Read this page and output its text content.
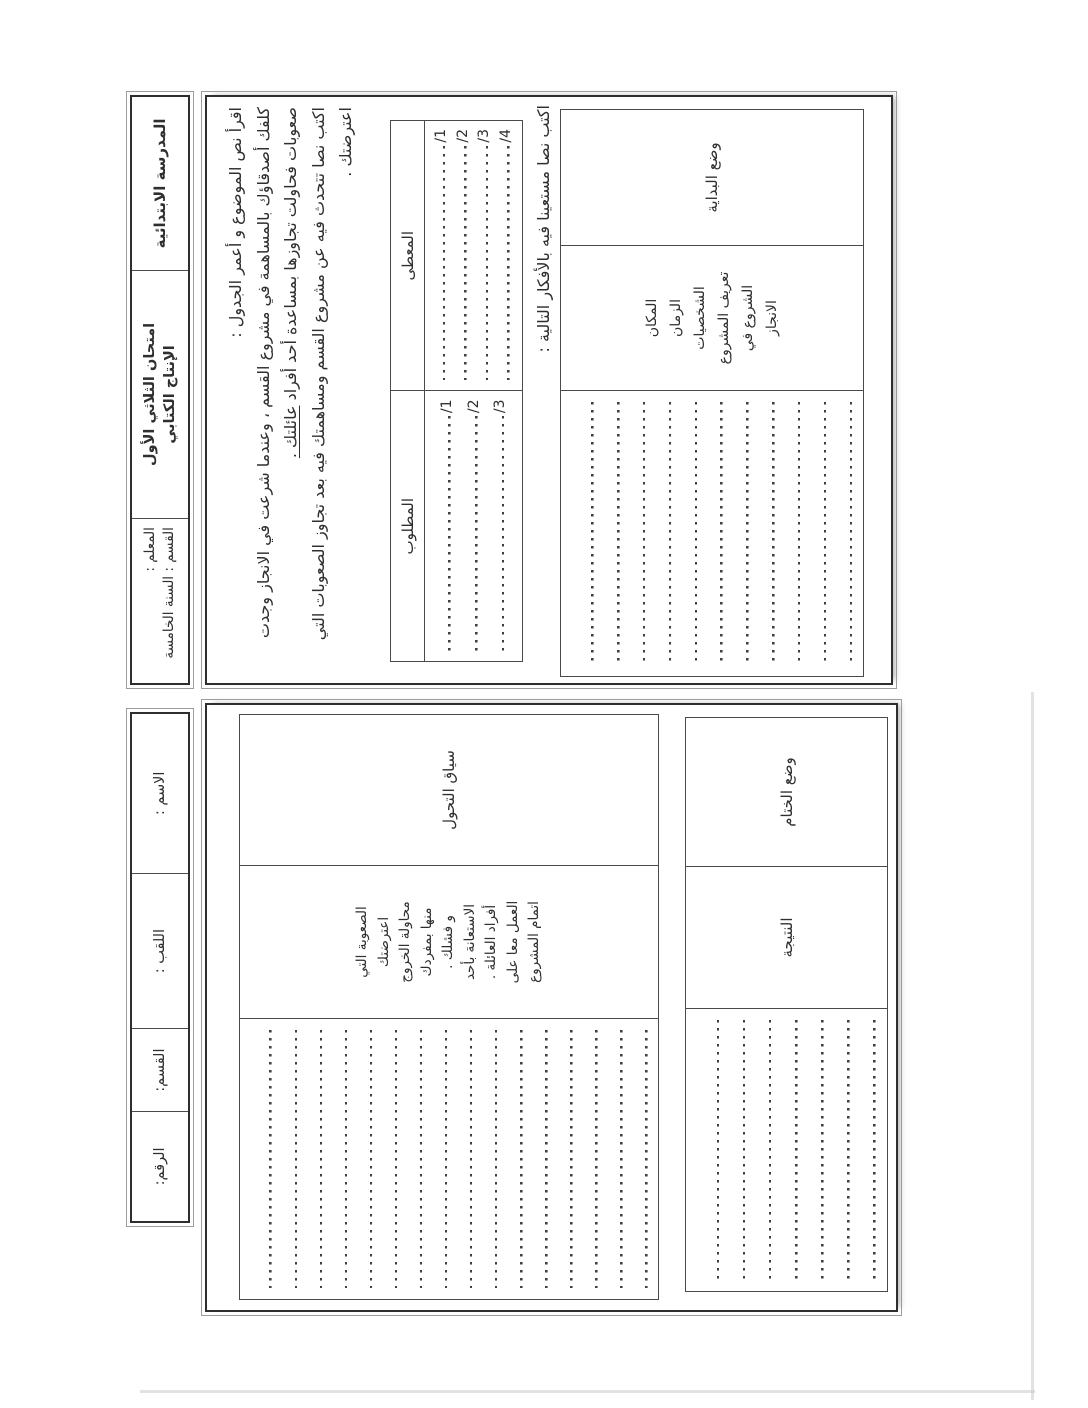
المدرسة الابتدائية
امتحان الثلاثي الأول الإنتاج الكتابي
المعلم : القسم : السنة الخامسة
اقرأ نص الموضوع و أعمر الجدول : كلفك أصدقاؤك بالمساهمة في مشروع القسم ، وعندما شرعت في الانجاز وجدت صعوبات فحاولت تجاوزها بمساعدة أحد أفراد عائلتك . اكتب نصا تتحدث فيه عن مشروع القسم ومساهمتك فيه بعد تجاوز الصعوبات التي اعترضتك .
المعطى
1/
2/
3/
4/
المطلوب
1/
2/
3/
اكتب نصا مستعينا فيه بالأفكار التالية :	وضع البداية
المكان الزمان الشخصيات تعريف المشروع الشروع في الانجاز
الاسم :
اللقب :
القسم:
الرقم:
سياق التحول
الصعوبة التي اعترضتك محاولة الخروج منها بمفردك و فشلك . الاستعانة بأحد أفراد العائلة . العمل معا على اتمام المشروع
وضع الختام
النتيجة
